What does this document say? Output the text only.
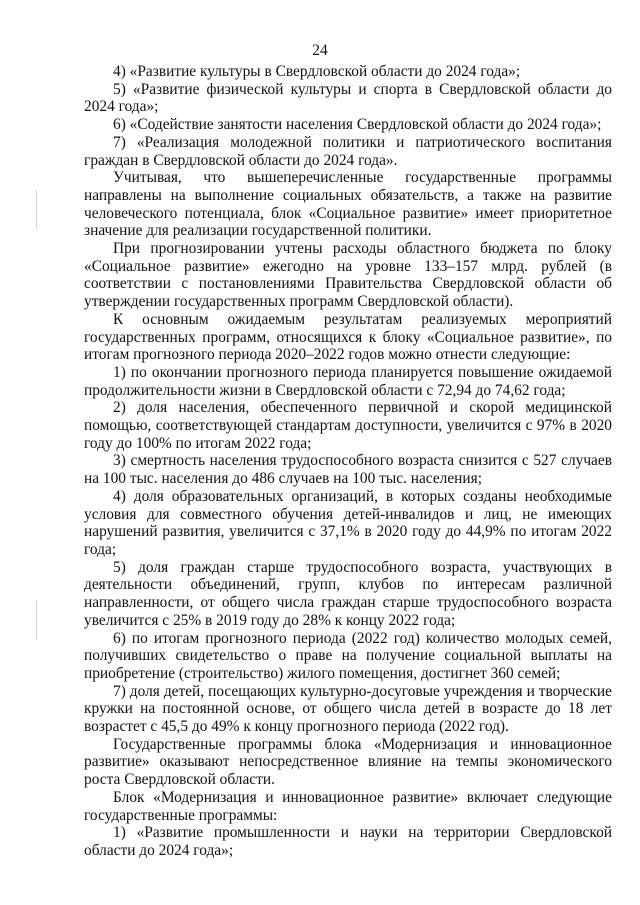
24

4) «Развитие культуры в Свердловской области до 2024 года»;

5) «Развитие физической культуры и спорта в Свердловской области до 2024 года»;

6) «Содействие занятости населения Свердловской области до 2024 года»;

7) «Реализация молодежной политики и патриотического воспитания граждан в Свердловской области до 2024 года».

Учитывая, что вышеперечисленные государственные программы направлены на выполнение социальных обязательств, а также на развитие человеческого потенциала, блок «Социальное развитие» имеет приоритетное значение для реализации государственной политики.

При прогнозировании учтены расходы областного бюджета по блоку «Социальное развитие» ежегодно на уровне 133–157 млрд. рублей (в соответствии с постановлениями Правительства Свердловской области об утверждении государственных программ Свердловской области).

К основным ожидаемым результатам реализуемых мероприятий государственных программ, относящихся к блоку «Социальное развитие», по итогам прогнозного периода 2020–2022 годов можно отнести следующие:

1) по окончании прогнозного периода планируется повышение ожидаемой продолжительности жизни в Свердловской области с 72,94 до 74,62 года;

2) доля населения, обеспеченного первичной и скорой медицинской помощью, соответствующей стандартам доступности, увеличится с 97% в 2020 году до 100% по итогам 2022 года;

3) смертность населения трудоспособного возраста снизится с 527 случаев на 100 тыс. населения до 486 случаев на 100 тыс. населения;

4) доля образовательных организаций, в которых созданы необходимые условия для совместного обучения детей-инвалидов и лиц, не имеющих нарушений развития, увеличится с 37,1% в 2020 году до 44,9% по итогам 2022 года;

5) доля граждан старше трудоспособного возраста, участвующих в деятельности объединений, групп, клубов по интересам различной направленности, от общего числа граждан старше трудоспособного возраста увеличится с 25% в 2019 году до 28% к концу 2022 года;

6) по итогам прогнозного периода (2022 год) количество молодых семей, получивших свидетельство о праве на получение социальной выплаты на приобретение (строительство) жилого помещения, достигнет 360 семей;

7) доля детей, посещающих культурно-досуговые учреждения и творческие кружки на постоянной основе, от общего числа детей в возрасте до 18 лет возрастет с 45,5 до 49% к концу прогнозного периода (2022 год).

Государственные программы блока «Модернизация и инновационное развитие» оказывают непосредственное влияние на темпы экономического роста Свердловской области.

Блок «Модернизация и инновационное развитие» включает следующие государственные программы:

1) «Развитие промышленности и науки на территории Свердловской области до 2024 года»;
